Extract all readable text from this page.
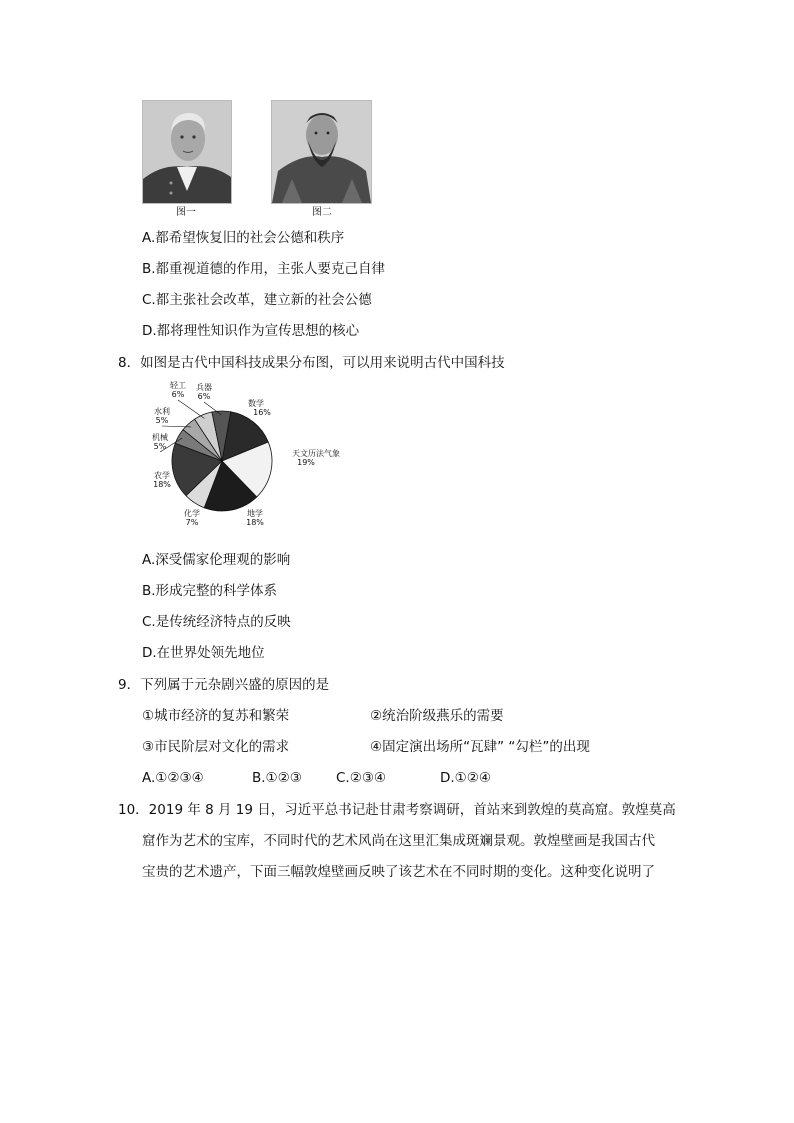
图一	图二
A.都希望恢复旧的社会公德和秩序
B.都重视道德的作用，主张人要克己自律
C.都主张社会改革，建立新的社会公德
D.都将理性知识作为宣传思想的核心
8．如图是古代中国科技成果分布图，可以用来说明古代中国科技
数学
16%
天文历法气象
19%
地学
18%
化学
7%
农学
18%
机械
5%
水利
5%
轻工
6%
兵器
6%
A.深受儒家伦理观的影响
B.形成完整的科学体系
C.是传统经济特点的反映
D.在世界处领先地位
9．下列属于元杂剧兴盛的原因的是
①城市经济的复苏和繁荣	②统治阶级燕乐的需要
③市民阶层对文化的需求	④固定演出场所“瓦肆” “勾栏”的出现
A.①②③④	B.①②③	C.②③④	D.①②④
10．2019 年 8 月 19 日，习近平总书记赴甘肃考察调研，首站来到敦煌的莫高窟。敦煌莫高
窟作为艺术的宝库，不同时代的艺术风尚在这里汇集成斑斓景观。敦煌壁画是我国古代
宝贵的艺术遗产，下面三幅敦煌壁画反映了该艺术在不同时期的变化。这种变化说明了
